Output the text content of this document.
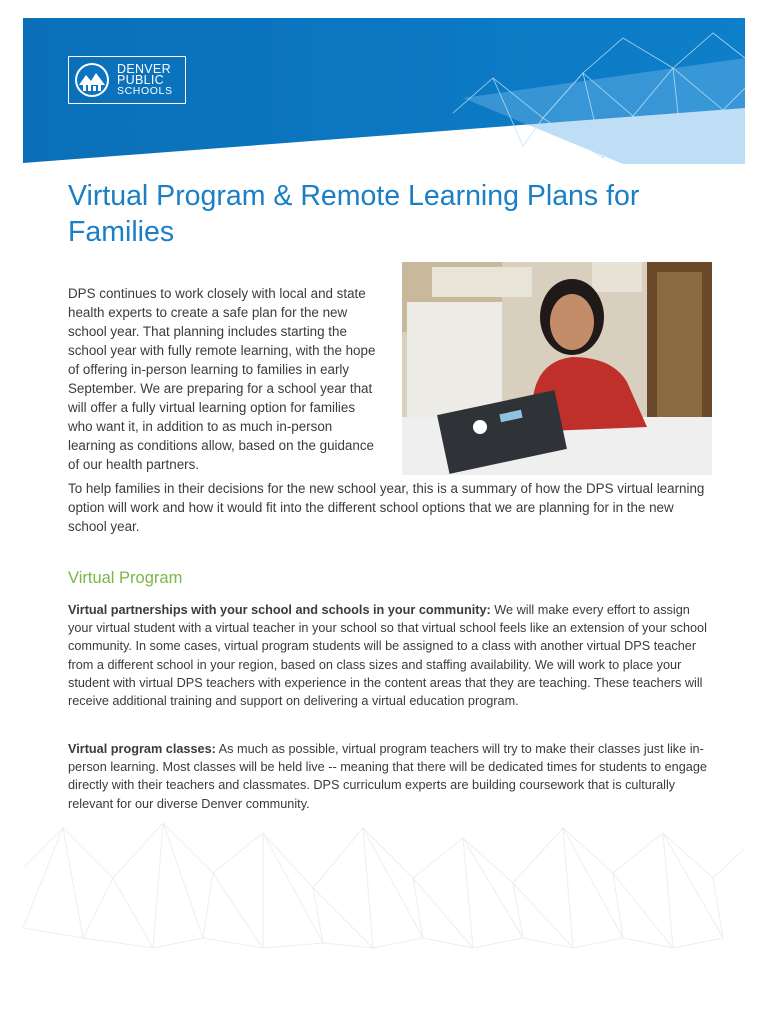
DENVER
PUBLIC
SCHOOLS
Virtual Program & Remote Learning Plans for Families

DPS continues to work closely with local and state health experts to create a safe plan for the new school year. That planning includes starting the school year with fully remote learning, with the hope of offering in-person learning to families in early September. We are preparing for a school year that will offer a fully virtual learning option for families who want it, in addition to as much in-person learning as conditions allow, based on the guidance of our health partners.

To help families in their decisions for the new school year, this is a summary of how the DPS virtual learning option will work and how it would fit into the different school options that we are planning for in the new school year.

Virtual Program

Virtual partnerships with your school and schools in your community: We will make every effort to assign your virtual student with a virtual teacher in your school so that virtual school feels like an extension of your school community. In some cases, virtual program students will be assigned to a class with another virtual DPS teacher from a different school in your region, based on class sizes and staffing availability. We will work to place your student with virtual DPS teachers with experience in the content areas that they are teaching. These teachers will receive additional training and support on delivering a virtual education program.

Virtual program classes: As much as possible, virtual program teachers will try to make their classes just like in-person learning. Most classes will be held live -- meaning that there will be dedicated times for students to engage directly with their teachers and classmates. DPS curriculum experts are building coursework that is culturally relevant for our diverse Denver community.
